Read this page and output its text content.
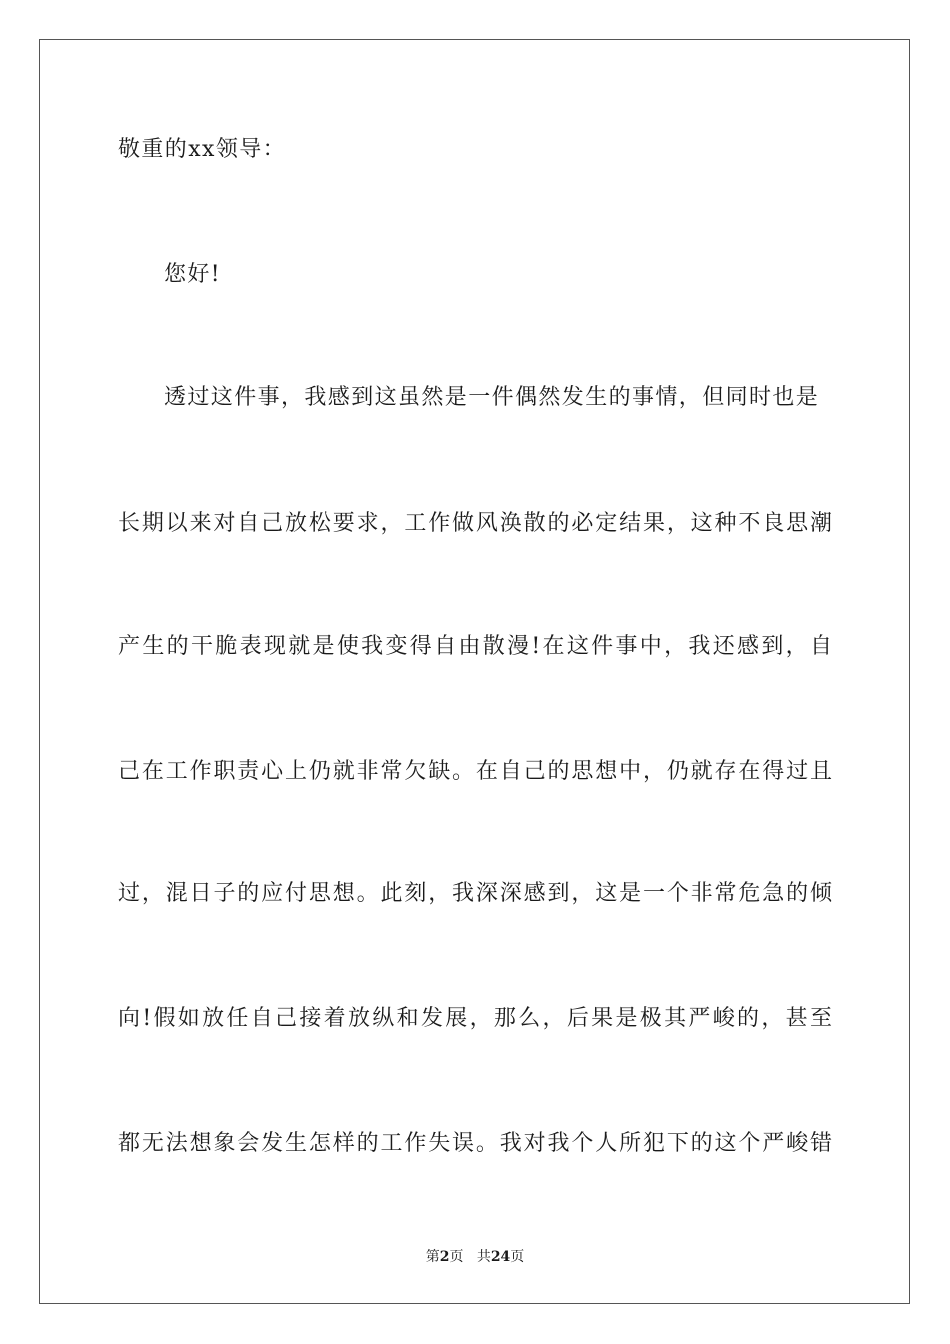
敬重的xx领导：
您好!
透过这件事，我感到这虽然是一件偶然发生的事情，但同时也是
长期以来对自己放松要求，工作做风涣散的必定结果，这种不良思潮
产生的干脆表现就是使我变得自由散漫!在这件事中，我还感到，自
己在工作职责心上仍就非常欠缺。在自己的思想中，仍就存在得过且
过，混日子的应付思想。此刻，我深深感到，这是一个非常危急的倾
向!假如放任自己接着放纵和发展，那么，后果是极其严峻的，甚至
都无法想象会发生怎样的工作失误。我对我个人所犯下的这个严峻错
第2页 共24页
